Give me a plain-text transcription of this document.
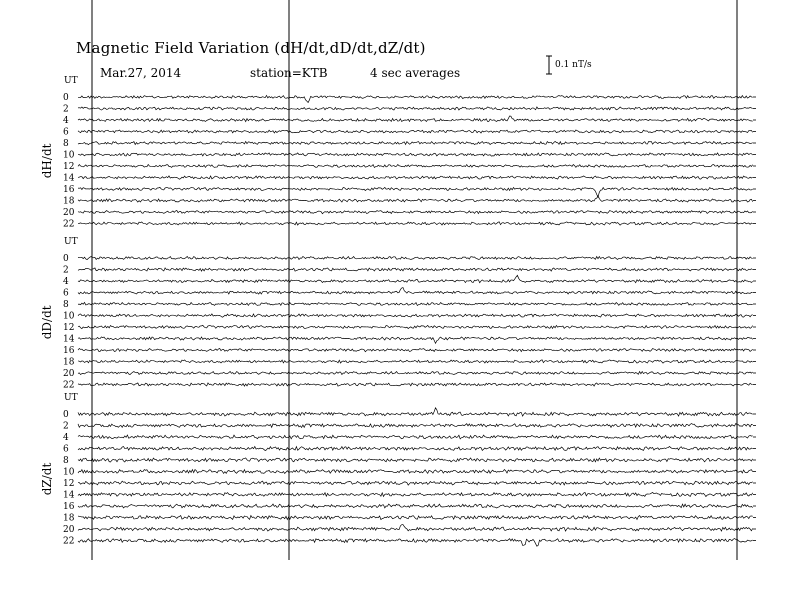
Magnetic Field Variation (dH/dt,dD/dt,dZ/dt)
Mar.27, 2014	station=KTB	4 sec averages
0.1 nT/s
UT
dH/dt
0
2
4
6
8
10
12
14
16
18
20
22
UT
dD/dt
0
2
4
6
8
10
12
14
16
18
20
22
UT
dZ/dt
0
2
4
6
8
10
12
14
16
18
20
22
